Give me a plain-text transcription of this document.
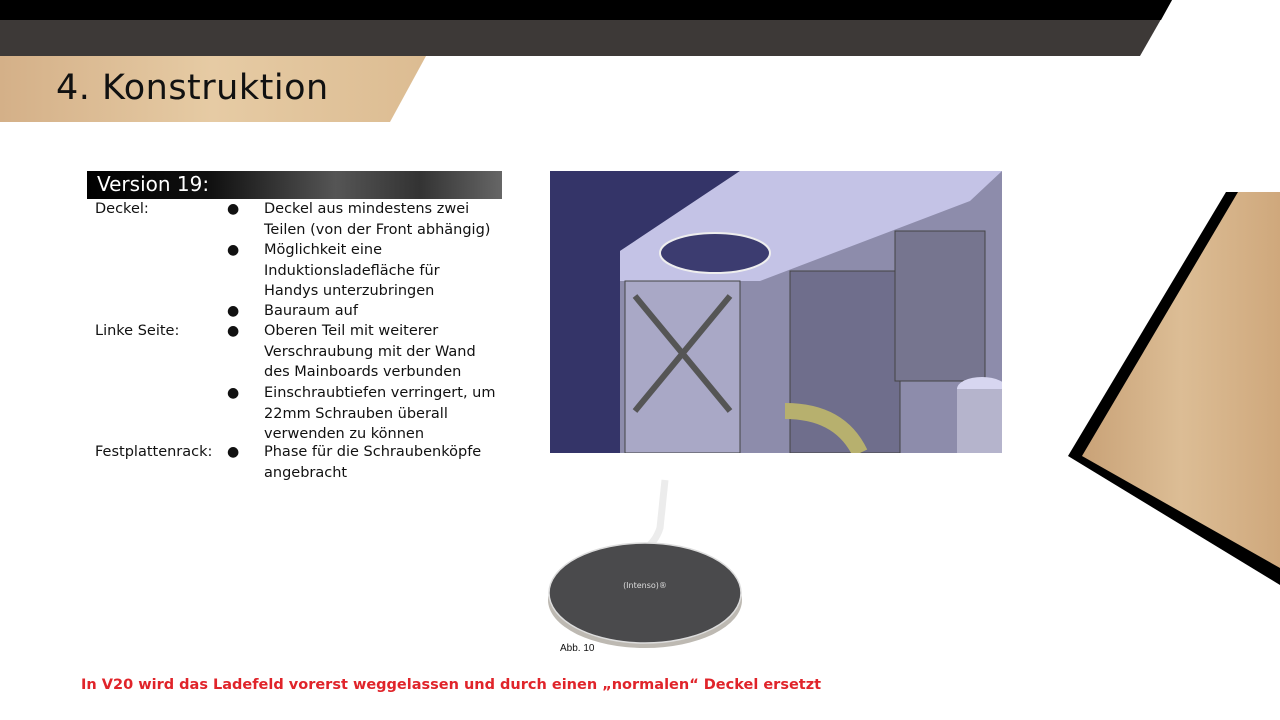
4. Konstruktion
Version 19:
Deckel:	● Deckel aus mindestens zwei Teilen (von der Front abhängig)
● Möglichkeit eine Induktionsladefläche für Handys unterzubringen
● Bauraum auf
Linke Seite:	● Oberen Teil mit weiterer Verschraubung mit der Wand des Mainboards verbunden
● Einschraubtiefen verringert, um 22mm Schrauben überall verwenden zu können
Festplattenrack: ● Phase für die Schraubenköpfe angebracht
(Intenso)®
Abb. 10
In V20 wird das Ladefeld vorerst weggelassen und durch einen „normalen“ Deckel ersetzt
